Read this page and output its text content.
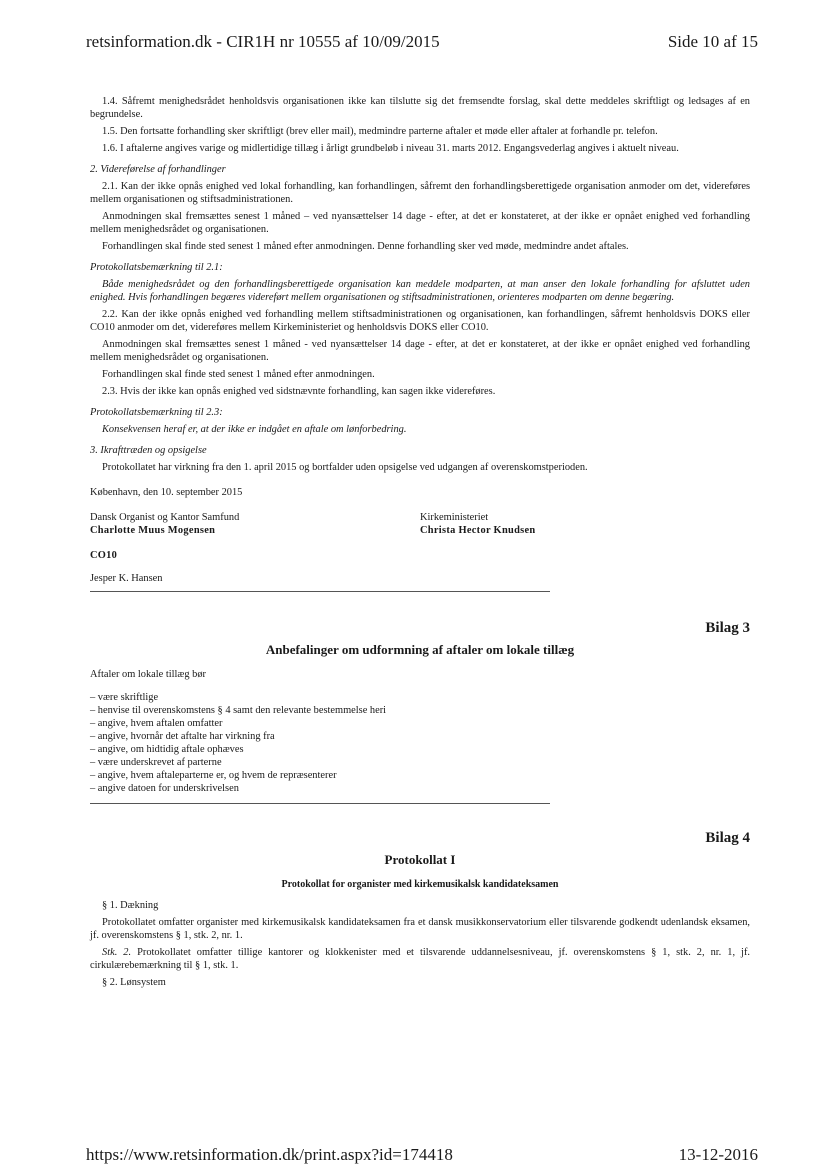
retsinformation.dk - CIR1H nr 10555 af 10/09/2015	Side 10 af 15

1.4. Såfremt menighedsrådet henholdsvis organisationen ikke kan tilslutte sig det fremsendte forslag, skal dette meddeles skriftligt og ledsages af en begrundelse.

1.5. Den fortsatte forhandling sker skriftligt (brev eller mail), medmindre parterne aftaler et møde eller aftaler at forhandle pr. telefon.

1.6. I aftalerne angives varige og midlertidige tillæg i årligt grundbeløb i niveau 31. marts 2012. Engangsvederlag angives i aktuelt niveau.

2. Videreførelse af forhandlinger

2.1. Kan der ikke opnås enighed ved lokal forhandling, kan forhandlingen, såfremt den forhandlingsberettigede organisation anmoder om det, videreføres mellem organisationen og stiftsadministrationen.

Anmodningen skal fremsættes senest 1 måned – ved nyansættelser 14 dage - efter, at det er konstateret, at der ikke er opnået enighed ved forhandling mellem menighedsrådet og organisationen.

Forhandlingen skal finde sted senest 1 måned efter anmodningen. Denne forhandling sker ved møde, medmindre andet aftales.

Protokollatsbemærkning til 2.1:

Både menighedsrådet og den forhandlingsberettigede organisation kan meddele modparten, at man anser den lokale forhandling for afsluttet uden enighed. Hvis forhandlingen begæres videreført mellem organisationen og stiftsadministrationen, orienteres modparten om denne begæring.

2.2. Kan der ikke opnås enighed ved forhandling mellem stiftsadministrationen og organisationen, kan forhandlingen, såfremt henholdsvis DOKS eller CO10 anmoder om det, videreføres mellem Kirkeministeriet og henholdsvis DOKS eller CO10.

Anmodningen skal fremsættes senest 1 måned - ved nyansættelser 14 dage - efter, at det er konstateret, at der ikke er opnået enighed ved forhandling mellem menighedsrådet og organisationen.

Forhandlingen skal finde sted senest 1 måned efter anmodningen.

2.3. Hvis der ikke kan opnås enighed ved sidstnævnte forhandling, kan sagen ikke videreføres.

Protokollatsbemærkning til 2.3:

Konsekvensen heraf er, at der ikke er indgået en aftale om lønforbedring.

3. Ikrafttræden og opsigelse

Protokollatet har virkning fra den 1. april 2015 og bortfalder uden opsigelse ved udgangen af overenskomstperioden.

København, den 10. september 2015

Dansk Organist og Kantor Samfund
Charlotte Muus Mogensen
Kirkeministeriet
Christa Hector Knudsen

CO10

Jesper K. Hansen

Bilag 3
Anbefalinger om udformning af aftaler om lokale tillæg

Aftaler om lokale tillæg bør

– være skriftlige
– henvise til overenskomstens § 4 samt den relevante bestemmelse heri
– angive, hvem aftalen omfatter
– angive, hvornår det aftalte har virkning fra
– angive, om hidtidig aftale ophæves
– være underskrevet af parterne
– angive, hvem aftaleparterne er, og hvem de repræsenterer
– angive datoen for underskrivelsen
Bilag 4
Protokollat I
Protokollat for organister med kirkemusikalsk kandidateksamen

§ 1. Dækning

Protokollatet omfatter organister med kirkemusikalsk kandidateksamen fra et dansk musikkonservatorium eller tilsvarende godkendt udenlandsk eksamen, jf. overenskomstens § 1, stk. 2, nr. 1.

Stk. 2. Protokollatet omfatter tillige kantorer og klokkenister med et tilsvarende uddannelsesniveau, jf. overenskomstens § 1, stk. 2, nr. 1, jf. cirkulærebemærkning til § 1, stk. 1.

§ 2. Lønsystem

https://www.retsinformation.dk/print.aspx?id=174418	13-12-2016
